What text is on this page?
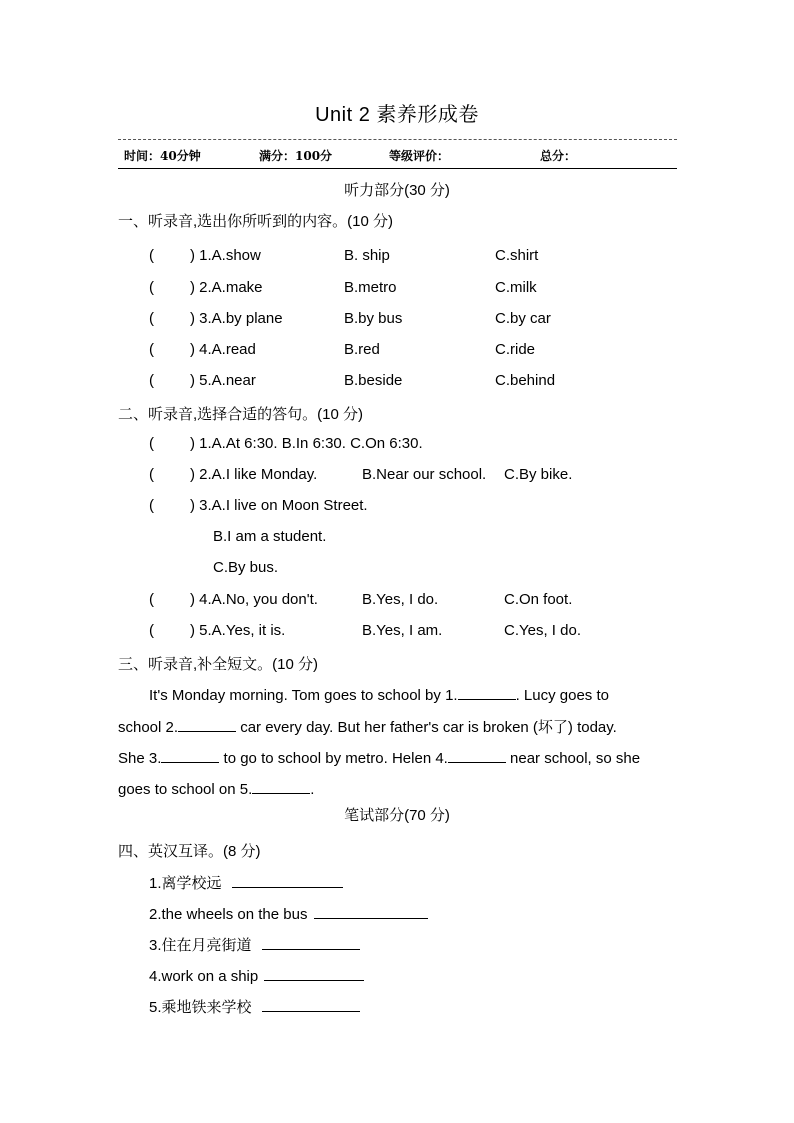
Unit 2 素养形成卷
时间：40分钟	满分：100分	等级评价：	总分：
听力部分(30 分)
一、听录音,选出你所听到的内容。(10 分)
( ) 1.A.show	B. ship	C.shirt
( ) 2.A.make	B.metro	C.milk
( ) 3.A.by plane	B.by bus	C.by car
( ) 4.A.read	B.red	C.ride
( ) 5.A.near	B.beside	C.behind
二、听录音,选择合适的答句。(10 分)
( ) 1.A.At 6:30. B.In 6:30. C.On 6:30.
( ) 2.A.I like Monday.	B.Near our school. C.By bike.
( ) 3.A.I live on Moon Street.
B.I am a student.
C.By bus.
( ) 4.A.No, you don't.	B.Yes, I do.	C.On foot.
( ) 5.A.Yes, it is.	B.Yes, I am.	C.Yes, I do.
三、听录音,补全短文。(10 分)
It's Monday morning. Tom goes to school by 1.	. Lucy goes to
school 2.	car every day. But her father's car is broken (坏了) today.
She 3.	to go to school by metro. Helen 4.	near school, so she
goes to school on 5.	.
笔试部分(70 分)
四、英汉互译。(8 分)
1.离学校远
2.the wheels on the bus
3.住在月亮街道
4.work on a ship
5.乘地铁来学校
